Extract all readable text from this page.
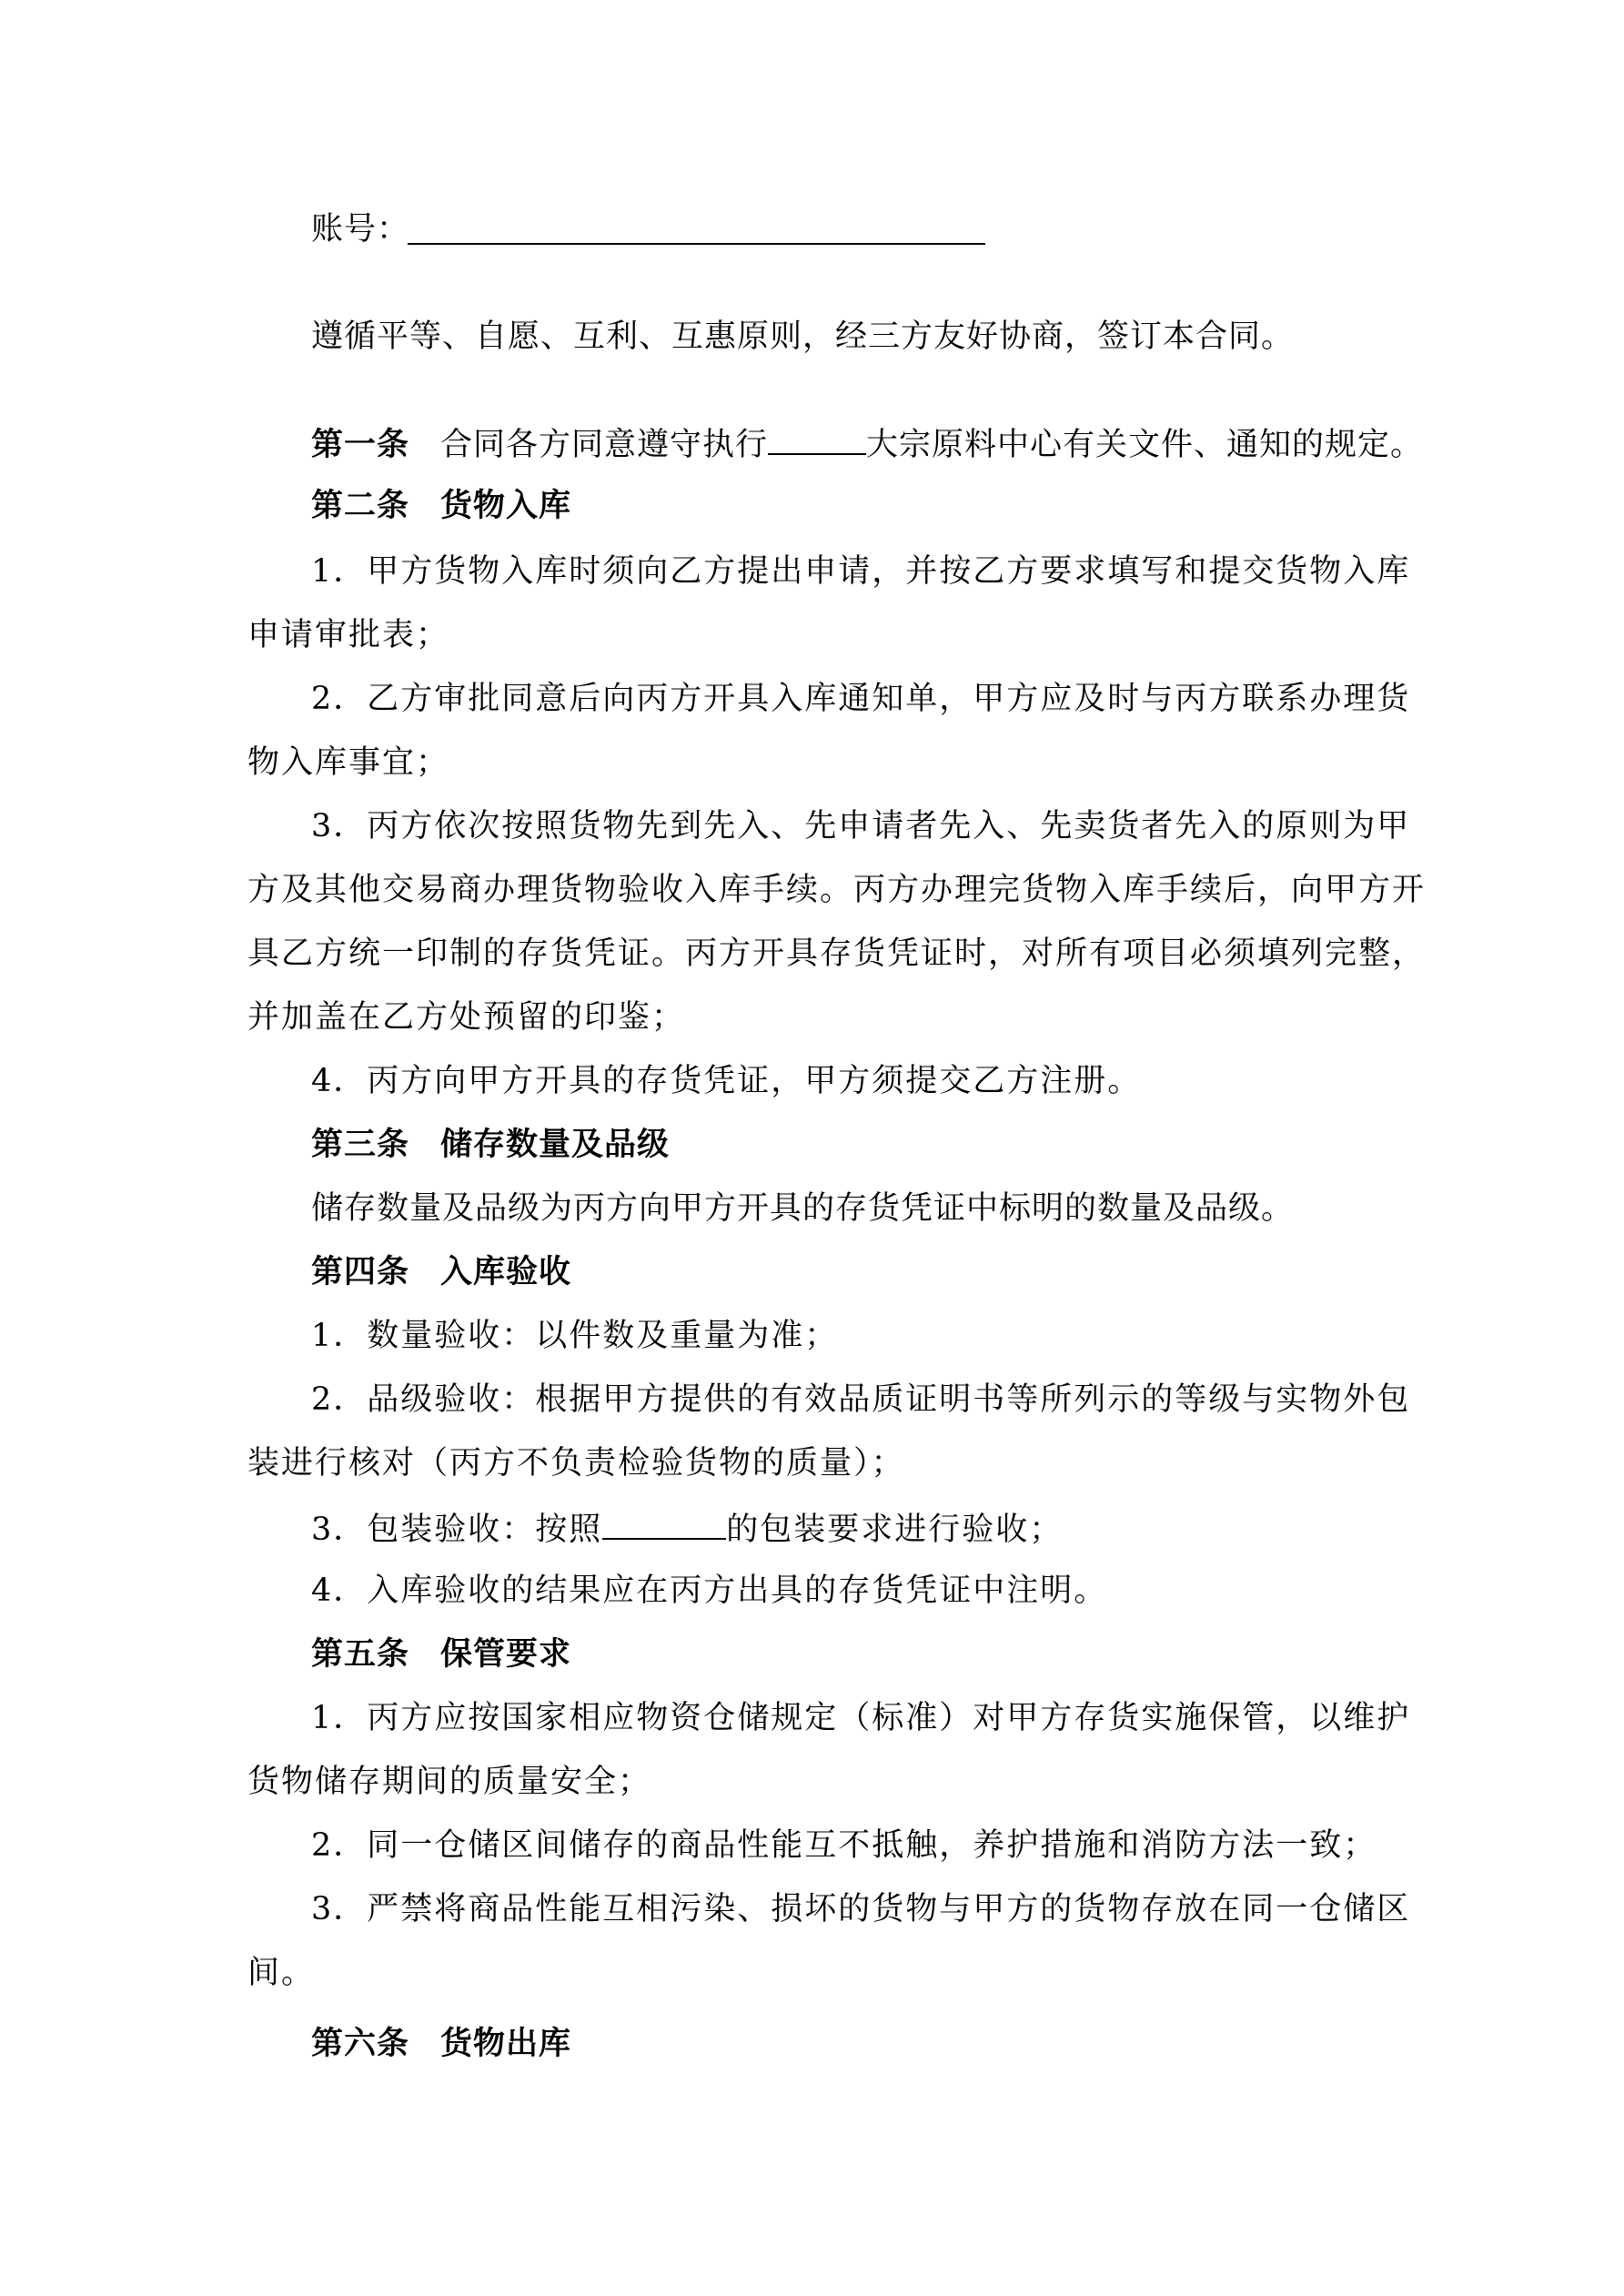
账号：

遵循平等、自愿、互利、互惠原则，经三方友好协商，签订本合同。

第一条 合同各方同意遵守执行	大宗原料中心有关文件、通知的规定。

第二条 货物入库

1．甲方货物入库时须向乙方提出申请，并按乙方要求填写和提交货物入库

申请审批表；

2．乙方审批同意后向丙方开具入库通知单，甲方应及时与丙方联系办理货

物入库事宜；

3．丙方依次按照货物先到先入、先申请者先入、先卖货者先入的原则为甲

方及其他交易商办理货物验收入库手续。丙方办理完货物入库手续后，向甲方开

具乙方统一印制的存货凭证。丙方开具存货凭证时，对所有项目必须填列完整，

并加盖在乙方处预留的印鉴；

4．丙方向甲方开具的存货凭证，甲方须提交乙方注册。

第三条 储存数量及品级

储存数量及品级为丙方向甲方开具的存货凭证中标明的数量及品级。

第四条 入库验收

1．数量验收：以件数及重量为准；

2．品级验收：根据甲方提供的有效品质证明书等所列示的等级与实物外包

装进行核对（丙方不负责检验货物的质量）；

3．包装验收：按照	的包装要求进行验收；

4．入库验收的结果应在丙方出具的存货凭证中注明。

第五条 保管要求

1．丙方应按国家相应物资仓储规定（标准）对甲方存货实施保管，以维护

货物储存期间的质量安全；

2．同一仓储区间储存的商品性能互不抵触，养护措施和消防方法一致；

3．严禁将商品性能互相污染、损坏的货物与甲方的货物存放在同一仓储区

间。

第六条 货物出库
